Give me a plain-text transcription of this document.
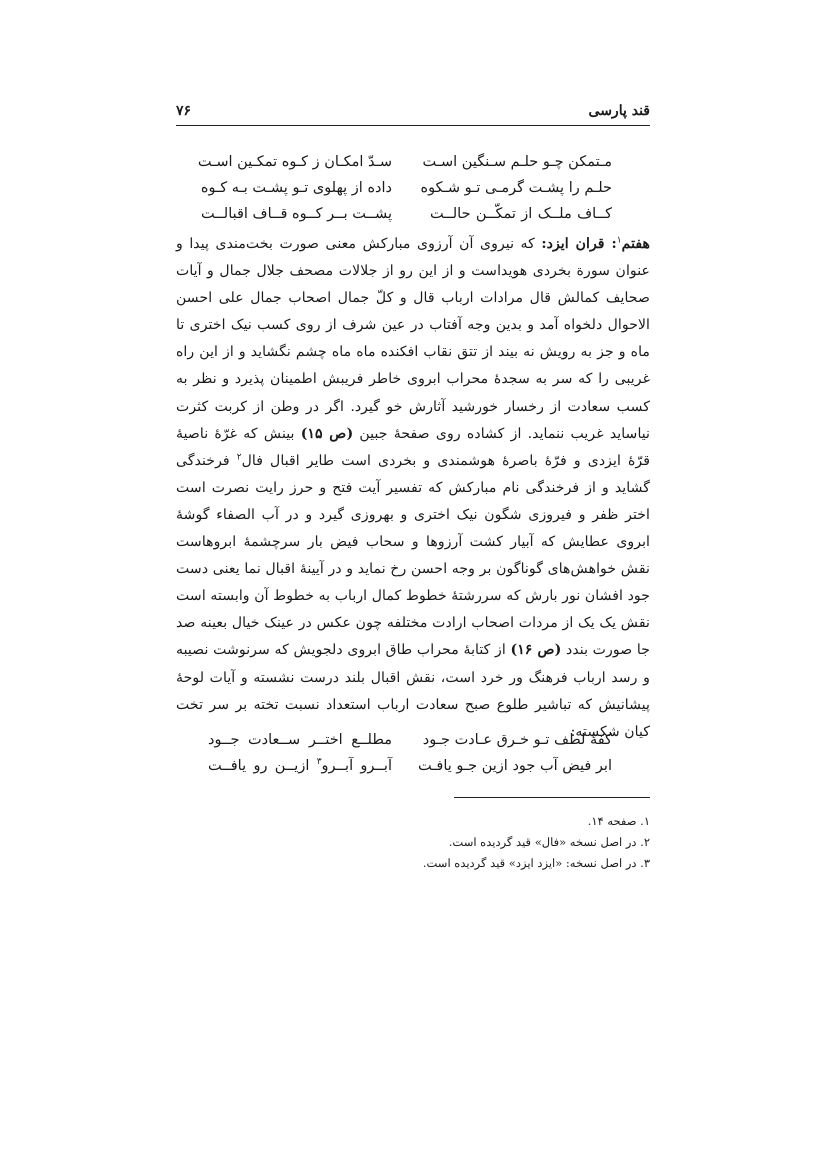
قند پارسی
۷۶
مـتمکن چـو حلـم سـنگین اسـت
سـدّ امکـان ز کـوه تمکـین اسـت
حلـم را پشـت گرمـی تـو شـکوه
داده از پهلوی تـو پشـت بـه کـوه
کــاف ملــک از تمکّــن حالــت
پشــت بــر کــوه قــاف اقبالــت

هفتم$^۱$: قران ایزد: که نیروی آن آرزوی مبارکش معنی صورت بخت‌مندی پیدا و عنوان سورة بخردی هویداست و از این رو از جلالات مصحف جلال جمال و آیات صحایف کمالش قال مرادات ارباب قال و کلّ جمال اصحاب جمال علی احسن الاحوال دلخواه آمد و بدین وجه آفتاب در عین شرف از روی کسب نیک اختری تا ماه و جز به رویش نه بیند از تتق نقاب افکنده ماه ماه چشم نگشاید و از این راه غریبی را که سر به سجدۀ محراب ابروی خاطر فریبش اطمینان پذیرد و نظر به کسب سعادت از رخسار خورشید آثارش خو گیرد. اگر در وطن از کربت کثرت نیاساید غریب ننماید. از کشاده روی صفحۀ جبین (ص ۱۵) بینش که غرّۀ ناصیۀ قرّۀ ایزدی و فرّۀ باصرۀ هوشمندی و بخردی است طایر اقبال فال$^۲$ فرخندگی گشاید و از فرخندگی نام مبارکش که تفسیر آیت فتح و حرز رایت نصرت است اختر ظفر و فیروزی شگون نیک اختری و بهروزی گیرد و در آب الصفاء گوشۀ ابروی عطایش که آبیار کشت آرزوها و سحاب فیض بار سرچشمۀ ابروهاست نقش خواهش‌های گوناگون بر وجه احسن رخ نماید و در آیینۀ اقبال نما یعنی دست جود افشان نور بارش که سررشتۀ خطوط کمال ارباب به خطوط آن وابسته است نقش یک یک از مردات اصحاب ارادت مختلفه چون عکس در عینک خیال بعینه صد جا صورت بندد (ص ۱۶) از کتابۀ محراب طاق ابروی دلجویش که سرنوشت نصیبه و رسد ارباب فرهنگ ور خرد است، نقش اقبال بلند درست نشسته و آیات لوحۀ پیشانیش که تباشیر طلوع صبح سعادت ارباب استعداد نسبت تخته بر سر تخت کیان شکسته:

کفۀ لطف تـو خـرق عـادت جـود
مطلــع اختــر ســعادت جــود
ابر فیض آب جود ازین جـو یافـت
آبــرو آبــرو$^۳$ ازیــن رو یافــت
۱. صفحه ۱۴.
۲. در اصل نسخه «فال» قید گردیده است.
۳. در اصل نسخه: «ایزد ایزد» قید گردیده است.
